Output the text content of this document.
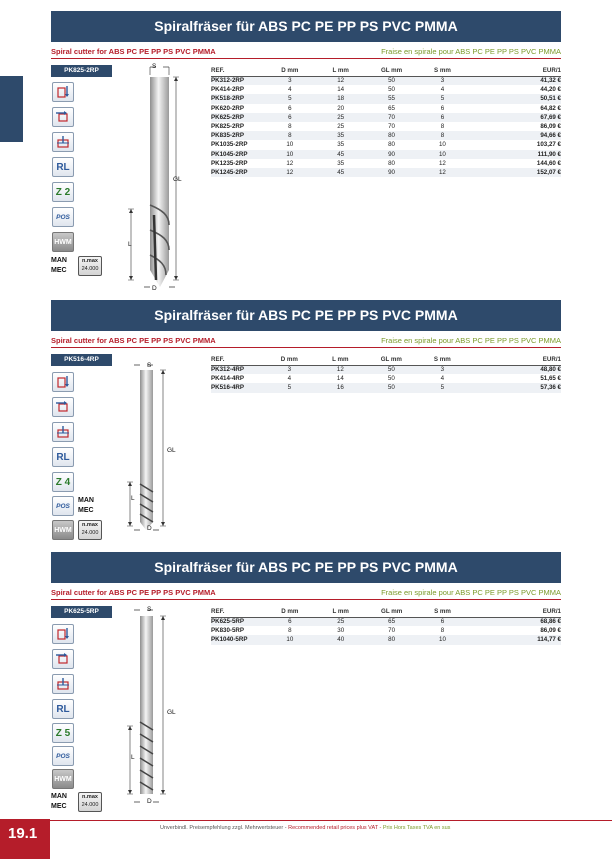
Spiralfräser für ABS PC PE PP PS PVC PMMA
Spiral cutter for ABS PC PE PP PS PVC PMMA	Fraise en spirale pour ABS PC PE PP PS PVC PMMA
PK825-2RP
RL
Z 2
POS
HWM
MAN
MEC
n.max
24.000
S
GL
L
D
REF.	D mm	L mm	GL mm	S mm	EUR/1
PK312-2RP	3	12	50	3	41,32 €
PK414-2RP	4	14	50	4	44,20 €
PK518-2RP	5	18	55	5	50,51 €
PK620-2RP	6	20	65	6	64,82 €
PK625-2RP	6	25	70	6	67,69 €
PK825-2RP	8	25	70	8	86,09 €
PK835-2RP	8	35	80	8	94,66 €
PK1035-2RP	10	35	80	10	103,27 €
PK1045-2RP	10	45	90	10	111,90 €
PK1235-2RP	12	35	80	12	144,60 €
PK1245-2RP	12	45	90	12	152,07 €
Spiralfräser für ABS PC PE PP PS PVC PMMA
Spiral cutter for ABS PC PE PP PS PVC PMMA	Fraise en spirale pour ABS PC PE PP PS PVC PMMA
PK516-4RP
RL
Z 4
POS
MAN
MEC
HWM
n.max
24.000
S
GL
L
D
REF.	D mm	L mm	GL mm	S mm	EUR/1
PK312-4RP	3	12	50	3	48,80 €
PK414-4RP	4	14	50	4	51,65 €
PK516-4RP	5	16	50	5	57,36 €
Spiralfräser für ABS PC PE PP PS PVC PMMA
Spiral cutter for ABS PC PE PP PS PVC PMMA	Fraise en spirale pour ABS PC PE PP PS PVC PMMA
PK625-5RP
RL
Z 5
POS
HWM
MAN
MEC
n.max
24.000
S
GL
L
D
REF.	D mm	L mm	GL mm	S mm	EUR/1
PK625-5RP	6	25	65	6	68,86 €
PK830-5RP	8	30	70	8	86,09 €
PK1040-5RP	10	40	80	10	114,77 €
19.1	Unverbindl. Preisempfehlung zzgl. Mehrwertsteuer - Recommended retail prices plus VAT - Prix Hors Taxes TVA en sus
